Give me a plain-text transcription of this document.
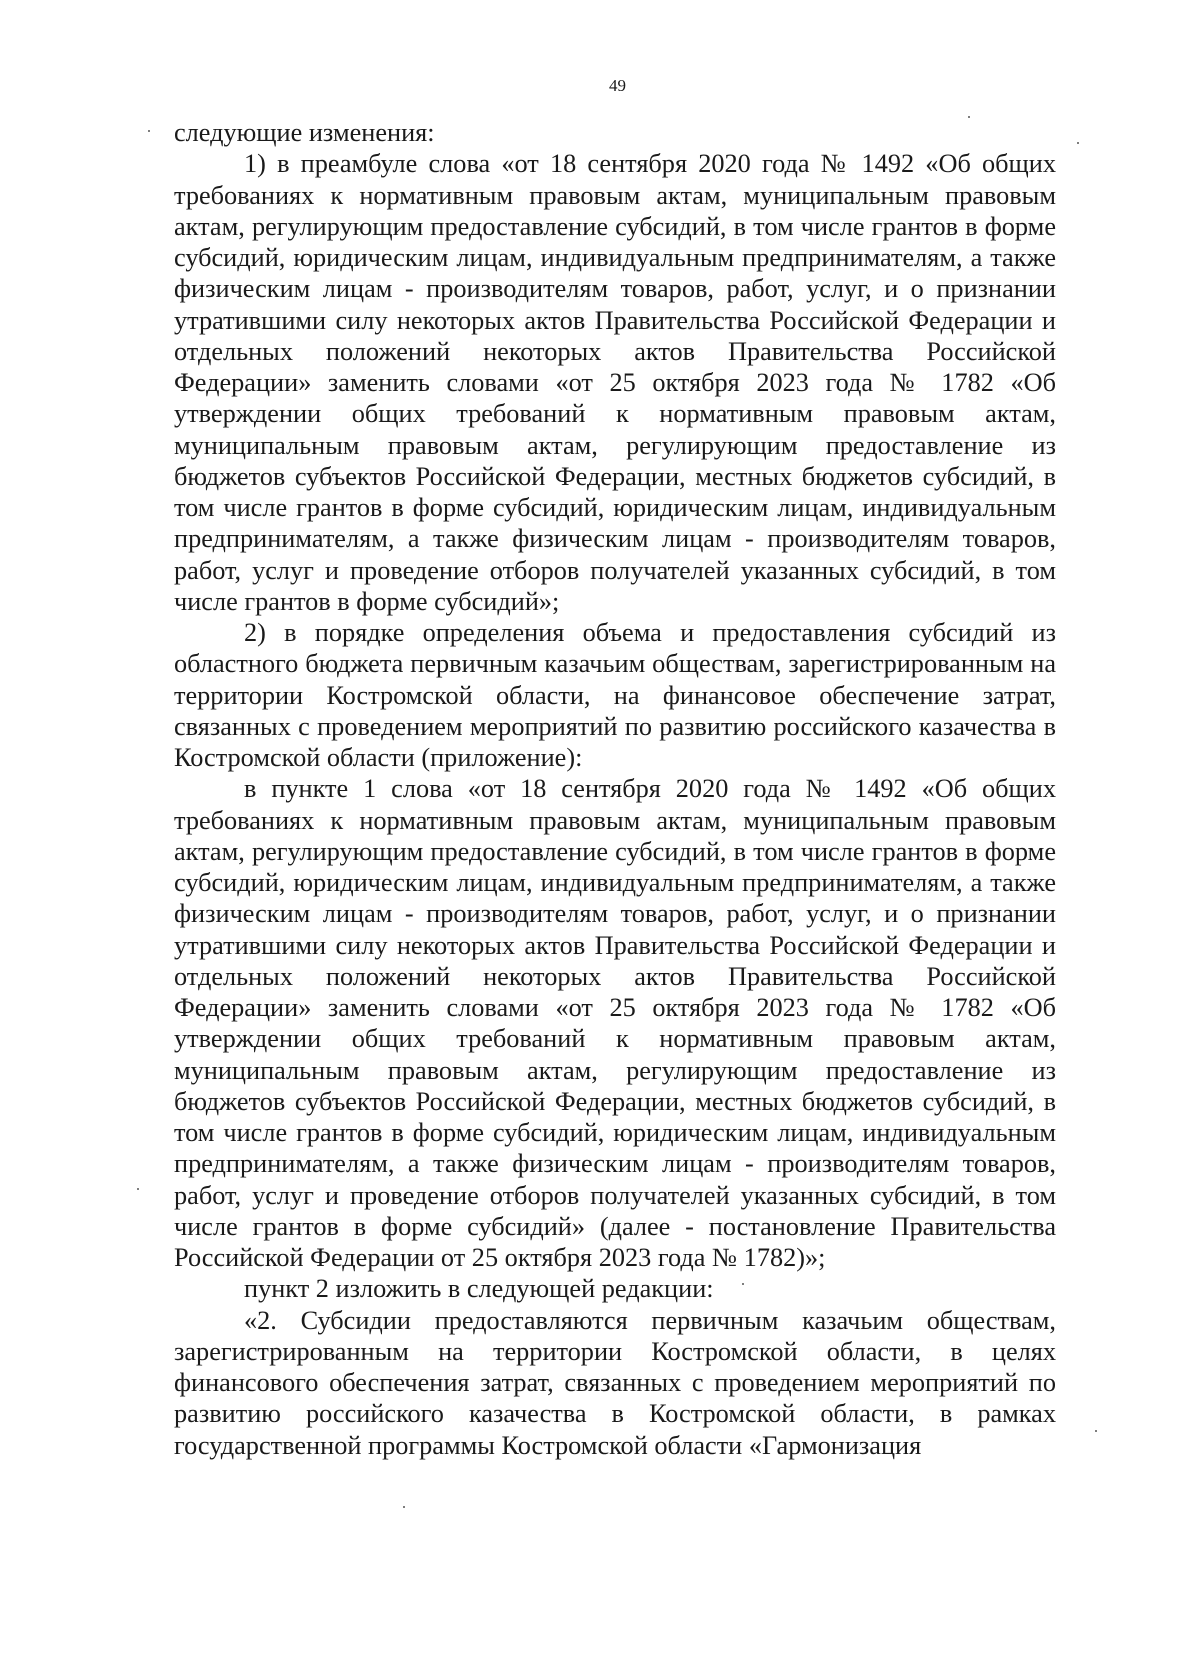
49

следующие изменения:

1) в преамбуле слова «от 18 сентября 2020 года № 1492 «Об общих требованиях к нормативным правовым актам, муниципальным правовым актам, регулирующим предоставление субсидий, в том числе грантов в форме субсидий, юридическим лицам, индивидуальным предпринимателям, а также физическим лицам - производителям товаров, работ, услуг, и о признании утратившими силу некоторых актов Правительства Российской Федерации и отдельных положений некоторых актов Правительства Российской Федерации» заменить словами «от 25 октября 2023 года № 1782 «Об утверждении общих требований к нормативным правовым актам, муниципальным правовым актам, регулирующим предоставление из бюджетов субъектов Российской Федерации, местных бюджетов субсидий, в том числе грантов в форме субсидий, юридическим лицам, индивидуальным предпринимателям, а также физическим лицам - производителям товаров, работ, услуг и проведение отборов получателей указанных субсидий, в том числе грантов в форме субсидий»;

2) в порядке определения объема и предоставления субсидий из областного бюджета первичным казачьим обществам, зарегистрированным на территории Костромской области, на финансовое обеспечение затрат, связанных с проведением мероприятий по развитию российского казачества в Костромской области (приложение):

в пункте 1 слова «от 18 сентября 2020 года № 1492 «Об общих требованиях к нормативным правовым актам, муниципальным правовым актам, регулирующим предоставление субсидий, в том числе грантов в форме субсидий, юридическим лицам, индивидуальным предпринимателям, а также физическим лицам - производителям товаров, работ, услуг, и о признании утратившими силу некоторых актов Правительства Российской Федерации и отдельных положений некоторых актов Правительства Российской Федерации» заменить словами «от 25 октября 2023 года № 1782 «Об утверждении общих требований к нормативным правовым актам, муниципальным правовым актам, регулирующим предоставление из бюджетов субъектов Российской Федерации, местных бюджетов субсидий, в том числе грантов в форме субсидий, юридическим лицам, индивидуальным предпринимателям, а также физическим лицам - производителям товаров, работ, услуг и проведение отборов получателей указанных субсидий, в том числе грантов в форме субсидий» (далее - постановление Правительства Российской Федерации от 25 октября 2023 года № 1782)»;

пункт 2 изложить в следующей редакции:

«2. Субсидии предоставляются первичным казачьим обществам, зарегистрированным на территории Костромской области, в целях финансового обеспечения затрат, связанных с проведением мероприятий по развитию российского казачества в Костромской области, в рамках государственной программы Костромской области «Гармонизация
